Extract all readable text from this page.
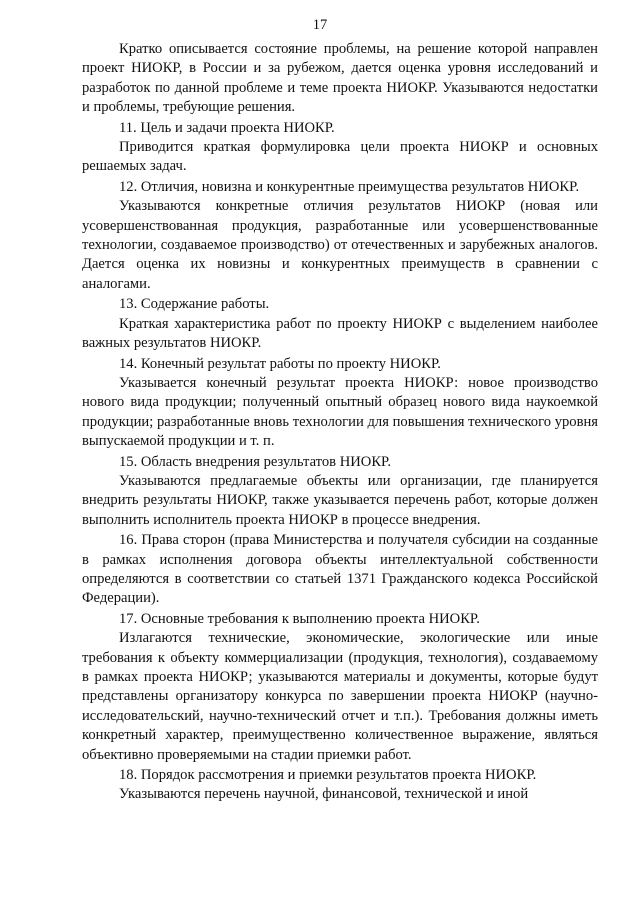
17

Кратко описывается состояние проблемы, на решение которой направлен проект НИОКР, в России и за рубежом, дается оценка уровня исследований и разработок по данной проблеме и теме проекта НИОКР. Указываются недостатки и проблемы, требующие решения.

11. Цель и задачи проекта НИОКР.

Приводится краткая формулировка цели проекта НИОКР и основных решаемых задач.

12. Отличия, новизна и конкурентные преимущества результатов НИОКР.

Указываются конкретные отличия результатов НИОКР (новая или усовершенствованная продукция, разработанные или усовершенствованные технологии, создаваемое производство) от отечественных и зарубежных аналогов. Дается оценка их новизны и конкурентных преимуществ в сравнении с аналогами.

13. Содержание работы.

Краткая характеристика работ по проекту НИОКР с выделением наиболее важных результатов НИОКР.

14. Конечный результат работы по проекту НИОКР.

Указывается конечный результат проекта НИОКР: новое производство нового вида продукции; полученный опытный образец нового вида наукоемкой продукции; разработанные вновь технологии для повышения технического уровня выпускаемой продукции и т. п.

15. Область внедрения результатов НИОКР.

Указываются предлагаемые объекты или организации, где планируется внедрить результаты НИОКР, также указывается перечень работ, которые должен выполнить исполнитель проекта НИОКР в процессе внедрения.

16. Права сторон (права Министерства и получателя субсидии на созданные в рамках исполнения договора объекты интеллектуальной собственности определяются в соответствии со статьей 1371 Гражданского кодекса Российской Федерации).

17. Основные требования к выполнению проекта НИОКР.

Излагаются технические, экономические, экологические или иные требования к объекту коммерциализации (продукция, технология), создаваемому в рамках проекта НИОКР; указываются материалы и документы, которые будут представлены организатору конкурса по завершении проекта НИОКР (научно-исследовательский, научно-технический отчет и т.п.). Требования должны иметь конкретный характер, преимущественно количественное выражение, являться объективно проверяемыми на стадии приемки работ.

18. Порядок рассмотрения и приемки результатов проекта НИОКР.

Указываются перечень научной, финансовой, технической и иной
